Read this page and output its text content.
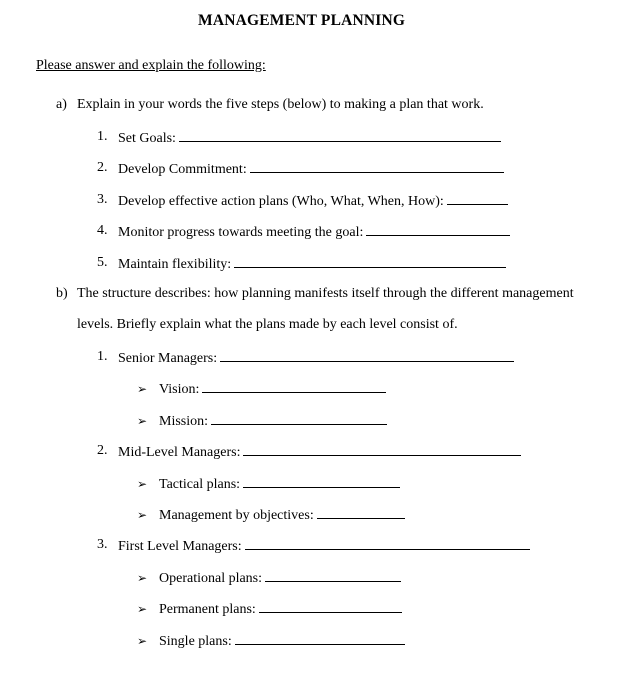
MANAGEMENT PLANNING
Please answer and explain the following:
a) Explain in your words the five steps (below) to making a plan that work.
1. Set Goals:
2. Develop Commitment:
3. Develop effective action plans (Who, What, When, How):
4. Monitor progress towards meeting the goal:
5. Maintain flexibility:
b) The structure describes: how planning manifests itself through the different management
levels. Briefly explain what the plans made by each level consist of.
1. Senior Managers:
➢ Vision:
➢ Mission:
2. Mid-Level Managers:
➢ Tactical plans:
➢ Management by objectives:
3. First Level Managers:
➢ Operational plans:
➢ Permanent plans:
➢ Single plans:
